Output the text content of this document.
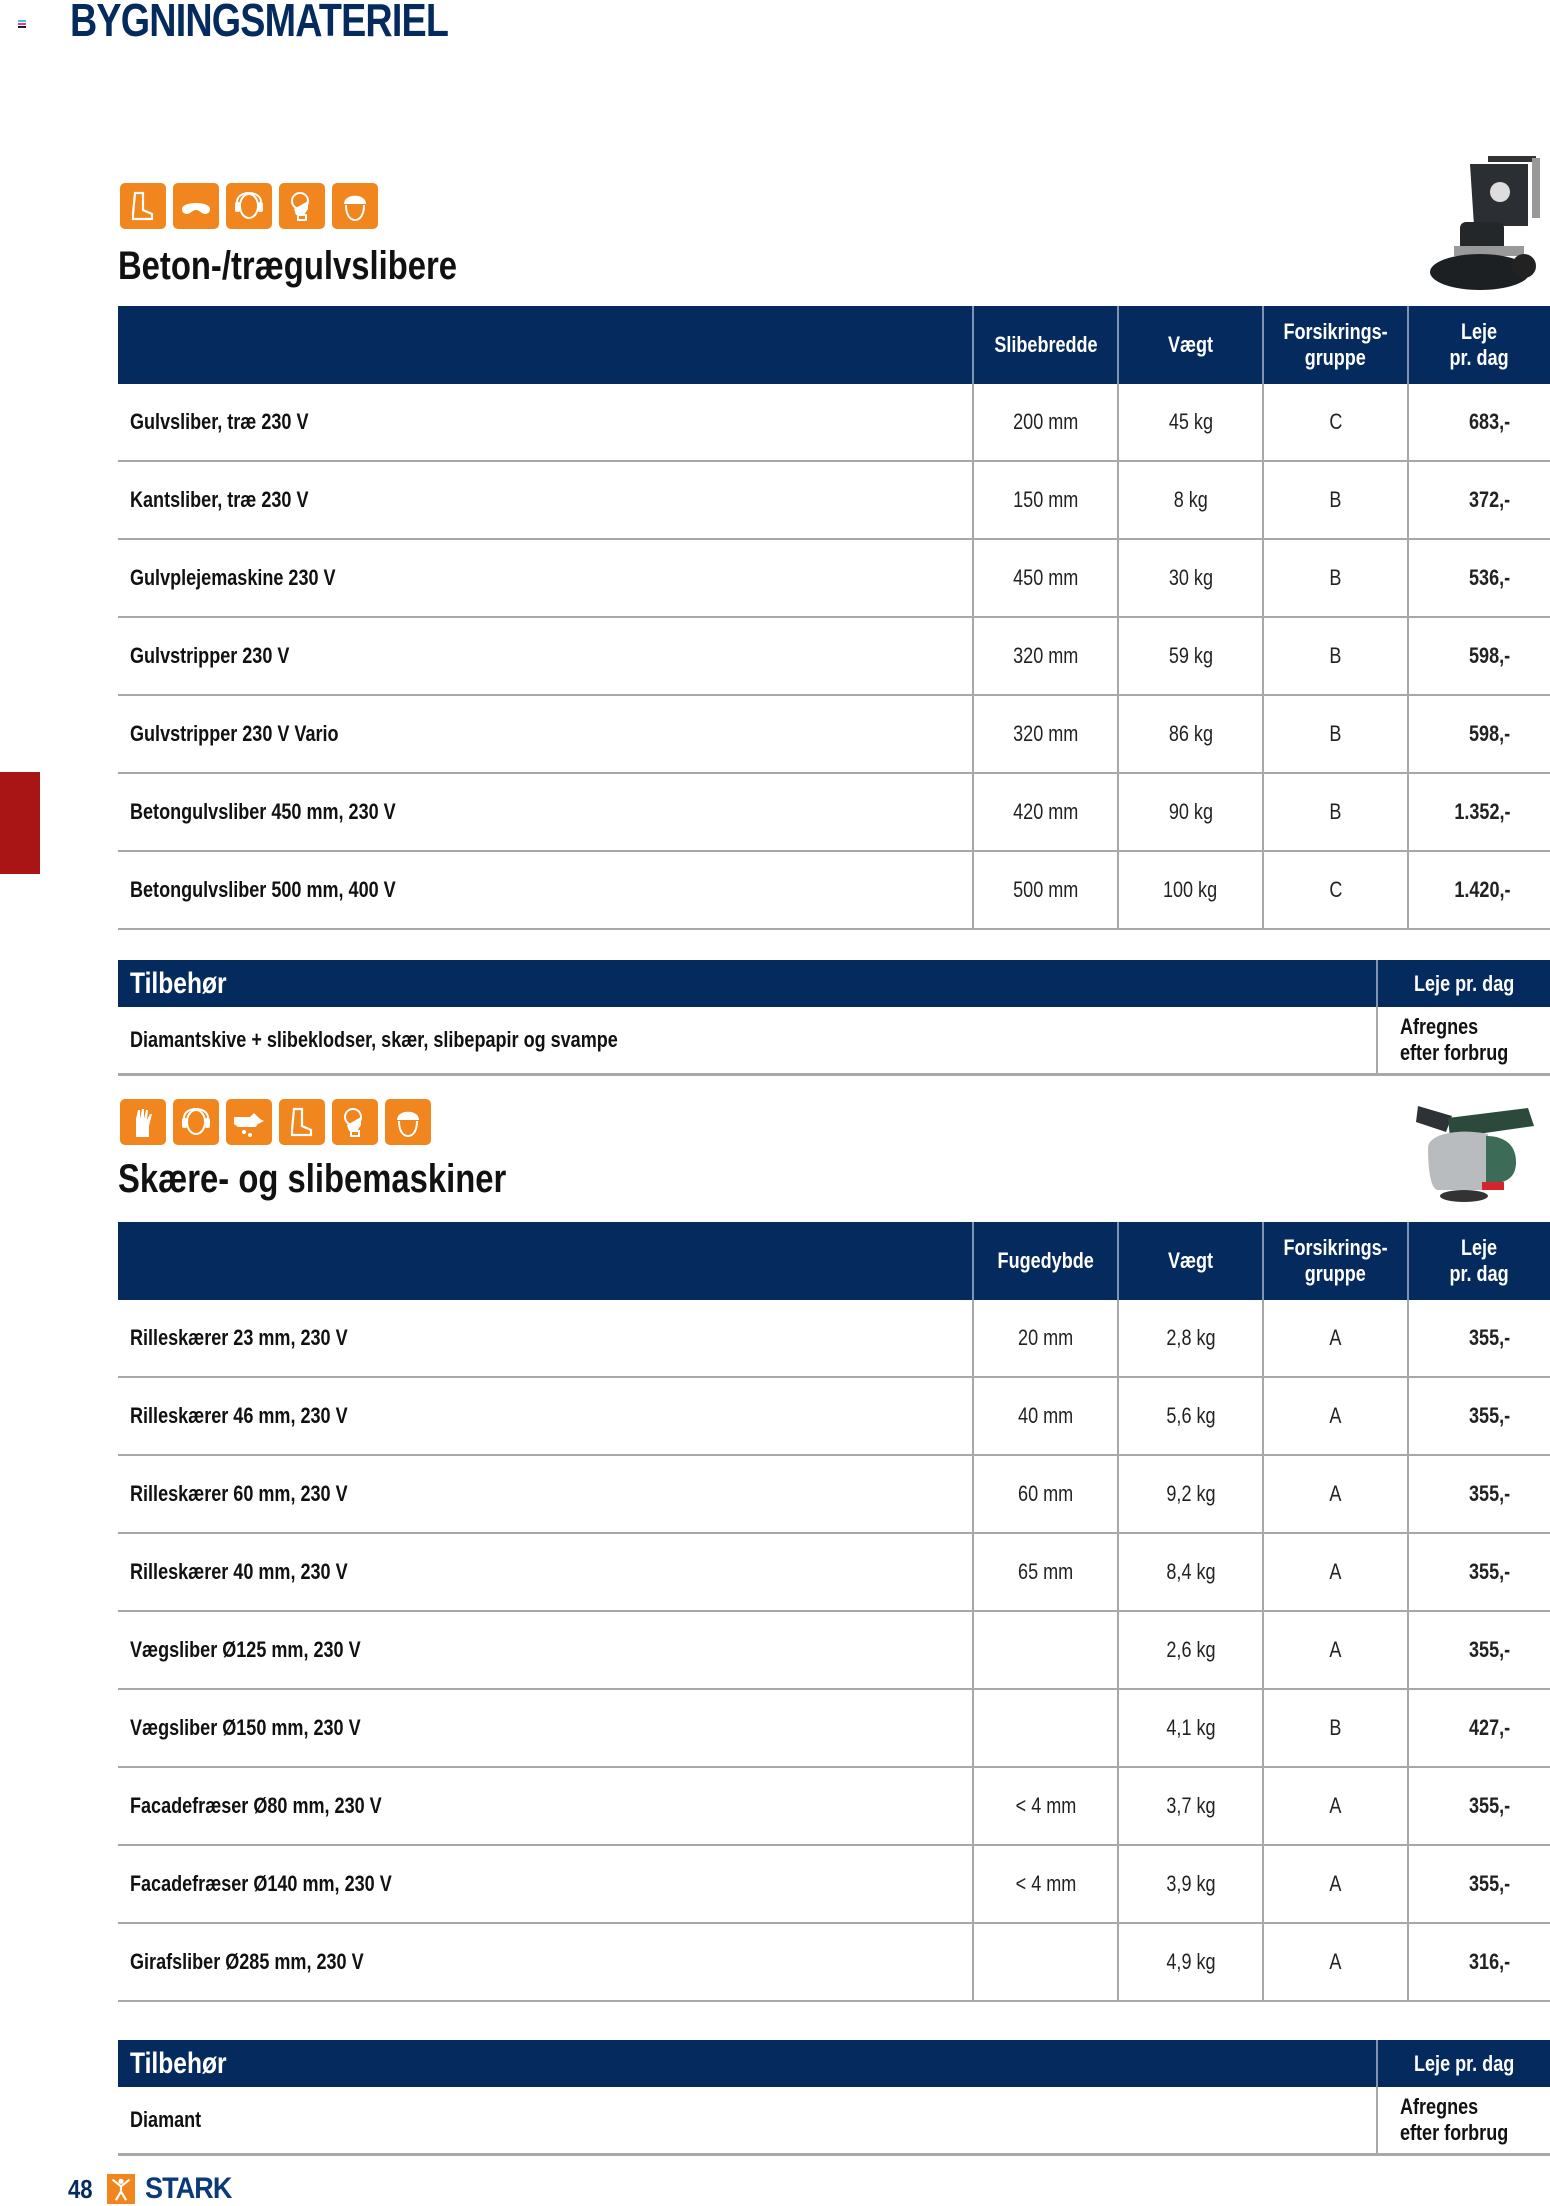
BYGNINGSMATERIEL
Beton-/trægulvslibere
	Slibebredde	Vægt	Forsikrings-
gruppe	Leje
pr. dag
Gulvsliber, træ 230 V	200 mm	45 kg	C	683,-
Kantsliber, træ 230 V	150 mm	8 kg	B	372,-
Gulvplejemaskine 230 V	450 mm	30 kg	B	536,-
Gulvstripper 230 V	320 mm	59 kg	B	598,-
Gulvstripper 230 V Vario	320 mm	86 kg	B	598,-
Betongulvsliber 450 mm, 230 V	420 mm	90 kg	B	1.352,-
Betongulvsliber 500 mm, 400 V	500 mm	100 kg	C	1.420,-
Tilbehør	Leje pr. dag
Diamantskive + slibeklodser, skær, slibepapir og svampe
Afregnes
efter forbrug
Skære- og slibemaskiner
	Fugedybde	Vægt	Forsikrings-
gruppe	Leje
pr. dag
Rilleskærer 23 mm, 230 V	20 mm	2,8 kg	A	355,-
Rilleskærer 46 mm, 230 V	40 mm	5,6 kg	A	355,-
Rilleskærer 60 mm, 230 V	60 mm	9,2 kg	A	355,-
Rilleskærer 40 mm, 230 V	65 mm	8,4 kg	A	355,-
Vægsliber Ø125 mm, 230 V		2,6 kg	A	355,-
Vægsliber Ø150 mm, 230 V		4,1 kg	B	427,-
Facadefræser Ø80 mm, 230 V	< 4 mm	3,7 kg	A	355,-
Facadefræser Ø140 mm, 230 V	< 4 mm	3,9 kg	A	355,-
Girafsliber Ø285 mm, 230 V		4,9 kg	A	316,-
Tilbehør	Leje pr. dag
Diamant
Afregnes
efter forbrug
48 STARK
